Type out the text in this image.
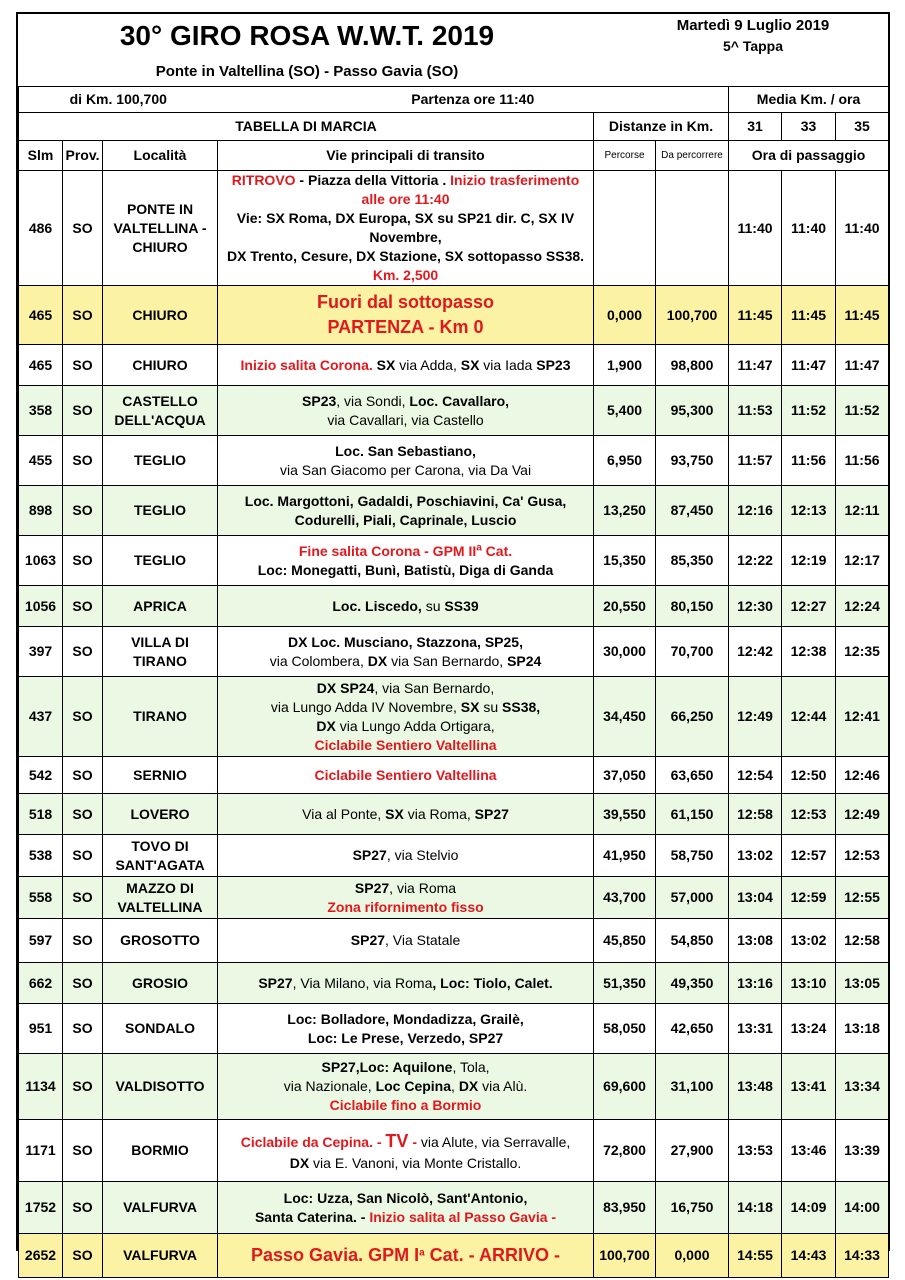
30° GIRO ROSA W.W.T. 2019
Ponte in Valtellina (SO) - Passo Gavia (SO)
Martedì 9 Luglio 2019
5^ Tappa
di Km. 100,700			Partenza ore 11:40			Media Km. / ora		
TABELLA DI MARCIA				Distanze in Km.		31	33	35
Slm	Prov.	Località	Vie principali di transito	Percorse	Da percorrere	Ora di passaggio		
486	SO	PONTE IN VALTELLINA - CHIURO	RITROVO - Piazza della Vittoria . Inizio trasferimento alle ore 11:40
Vie: SX Roma, DX Europa, SX su SP21 dir. C, SX IV Novembre,
DX Trento, Cesure, DX Stazione, SX sottopasso SS38. Km. 2,500			11:40	11:40	11:40
465	SO	CHIURO	Fuori dal sottopasso
PARTENZA - Km 0	0,000	100,700	11:45	11:45	11:45
465	SO	CHIURO	Inizio salita Corona. SX via Adda, SX via Iada SP23	1,900	98,800	11:47	11:47	11:47
358	SO	CASTELLO DELL'ACQUA	SP23, via Sondi, Loc. Cavallaro,
via Cavallari, via Castello	5,400	95,300	11:53	11:52	11:52
455	SO	TEGLIO	Loc. San Sebastiano,
via San Giacomo per Carona, via Da Vai	6,950	93,750	11:57	11:56	11:56
898	SO	TEGLIO	Loc. Margottoni, Gadaldi, Poschiavini, Ca' Gusa,
Codurelli, Piali, Caprinale, Luscio	13,250	87,450	12:16	12:13	12:11
1063	SO	TEGLIO	Fine salita Corona - GPM $II^a$ Cat.
Loc: Monegatti, Bunì, Batistù, Diga di Ganda	15,350	85,350	12:22	12:19	12:17
1056	SO	APRICA	Loc. Liscedo, su SS39	20,550	80,150	12:30	12:27	12:24
397	SO	VILLA DI TIRANO	DX Loc. Musciano, Stazzona, SP25,
via Colombera, DX via San Bernardo, SP24	30,000	70,700	12:42	12:38	12:35
437	SO	TIRANO	DX SP24, via San Bernardo,
via Lungo Adda IV Novembre, SX su SS38,
DX via Lungo Adda Ortigara,
Ciclabile Sentiero Valtellina	34,450	66,250	12:49	12:44	12:41
542	SO	SERNIO	Ciclabile Sentiero Valtellina	37,050	63,650	12:54	12:50	12:46
518	SO	LOVERO	Via al Ponte, SX via Roma, SP27	39,550	61,150	12:58	12:53	12:49
538	SO	TOVO DI SANT'AGATA	SP27, via Stelvio	41,950	58,750	13:02	12:57	12:53
558	SO	MAZZO DI VALTELLINA	SP27, via Roma
Zona rifornimento fisso	43,700	57,000	13:04	12:59	12:55
597	SO	GROSOTTO	SP27, Via Statale	45,850	54,850	13:08	13:02	12:58
662	SO	GROSIO	SP27, Via Milano, via Roma, Loc: Tiolo, Calet.	51,350	49,350	13:16	13:10	13:05
951	SO	SONDALO	Loc: Bolladore, Mondadizza, Grailè,
Loc: Le Prese, Verzedo, SP27	58,050	42,650	13:31	13:24	13:18
1134	SO	VALDISOTTO	SP27,Loc: Aquilone, Tola,
via Nazionale, Loc Cepina, DX via Alù.
Ciclabile fino a Bormio	69,600	31,100	13:48	13:41	13:34
1171	SO	BORMIO	Ciclabile da Cepina. - TV - via Alute, via Serravalle,
DX via E. Vanoni, via Monte Cristallo.	72,800	27,900	13:53	13:46	13:39
1752	SO	VALFURVA	Loc: Uzza, San Nicolò, Sant'Antonio,
Santa Caterina. - Inizio salita al Passo Gavia -	83,950	16,750	14:18	14:09	14:00
2652	SO	VALFURVA	Passo Gavia. GPM $I^a$ Cat. - ARRIVO -	100,700	0,000	14:55	14:43	14:33
